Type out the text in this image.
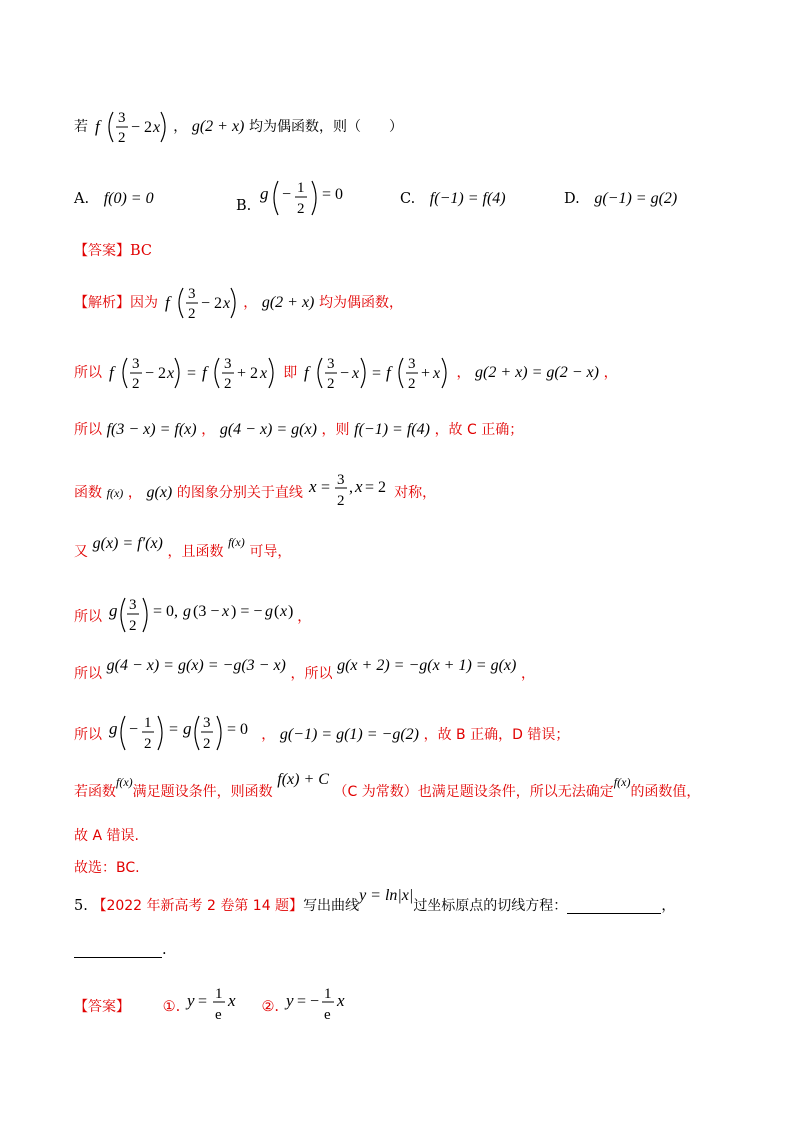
若 f 3
2
− 2 x ， g(2 + x) 均为偶函数，则（　　）
A. f(0) = 0	B.
g − 1
2
= 0	C. f(−1) = f(4)	D. g(−1) = g(2)
【答案】BC
【解析】因为 f 3
2
− 2 x ， g(2 + x) 均为偶函数，
所以 f 3
2
− 2 x = f 3
2
+ 2 x 即 f 3
2
− x = f 3
2
+ x ， g(2 + x) = g(2 − x) ，
所以 f(3 − x) = f(x) ， g(4 − x) = g(x) ，则 f(−1) = f(4) ，故 C 正确；
函数 f(x) ， g(x) 的图象分别关于直线 x = 3
2
, x = 2 对称，
又 g(x) = f′(x) ，且函数 $^{f(x)}$ 可导，
所以 g 3
2
= 0, g (3 − x ) = − g ( x ) ，
所以 g(4 − x) = g(x) = −g(3 − x) ，所以 g(x + 2) = −g(x + 1) = g(x) ，
所以 g − 1
2
= g 3
2
= 0 ， g(−1) = g(1) = −g(2) ，故 B 正确，D 错误；
若函数$^{f(x)}$满足题设条件，则函数 f(x) + C （C 为常数）也满足题设条件，所以无法确定$^{f(x)}$的函数值，
故 A 错误.
故选：BC.
5. 【2022 年新高考 2 卷第 14 题】写出曲线y = ln|x|过坐标原点的切线方程：	，
.
【答案】 ①. y = 1
e
x ②. y = − 1
e
x
